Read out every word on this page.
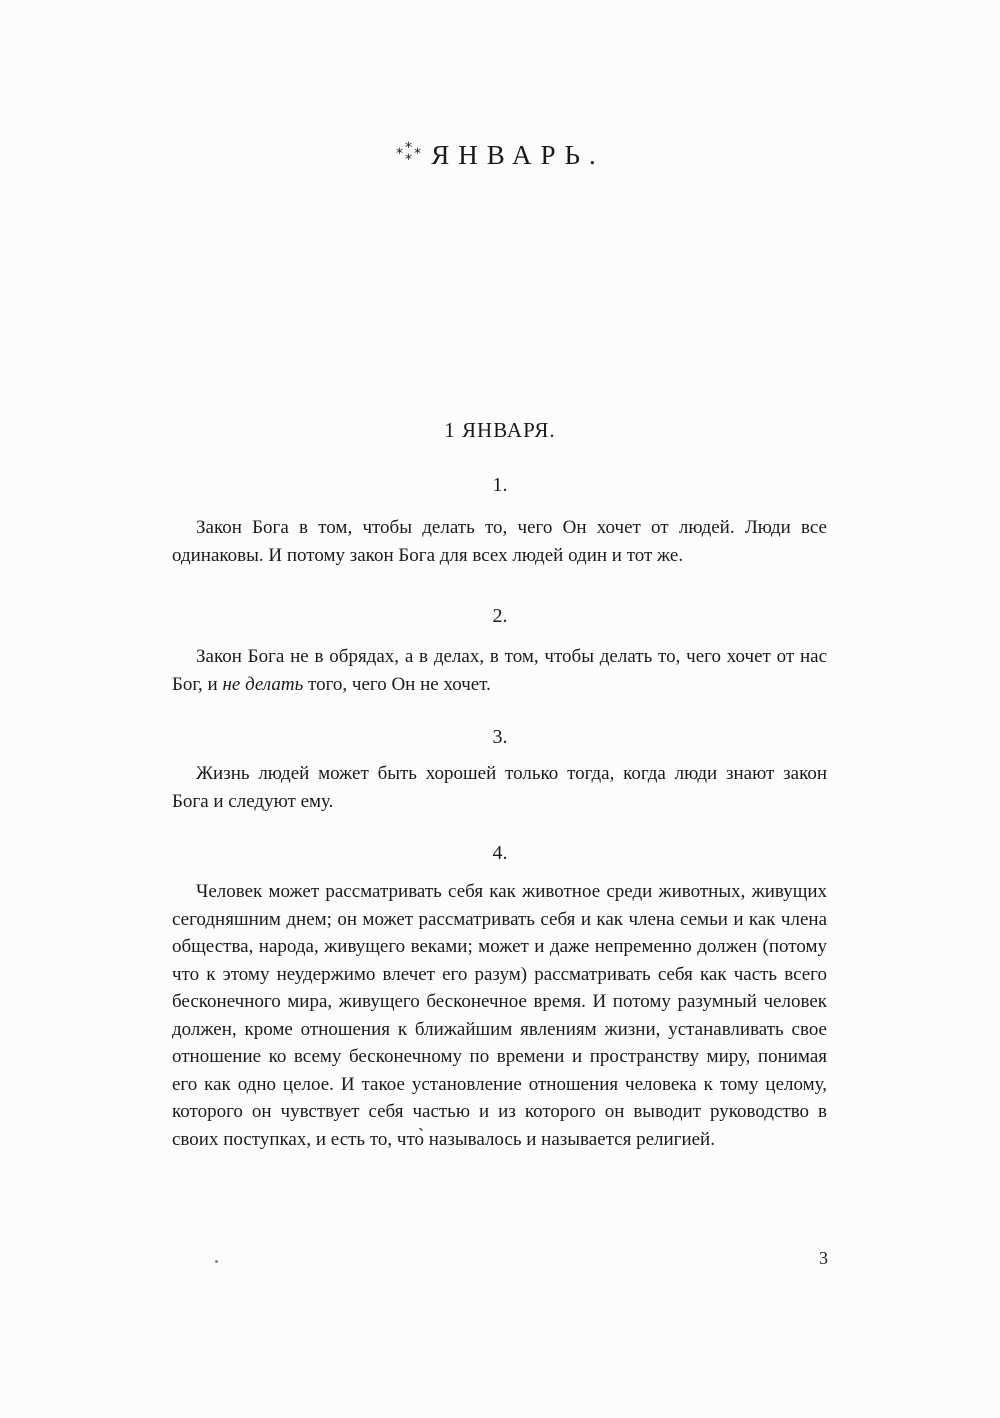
* *
* * ЯНВАРЬ.
1 ЯНВАРЯ.
1.

Закон Бога в том, чтобы делать то, чего Он хочет от людей. Люди все одинаковы. И потому закон Бога для всех людей один и тот же.

2.

Закон Бога не в обрядах, а в делах, в том, чтобы делать то, чего хочет от нас Бог, и не делать того, чего Он не хочет.

3.

Жизнь людей может быть хорошей только тогда, когда люди знают закон Бога и следуют ему.

4.

Человек может рассматривать себя как животное среди животных, живущих сегодняшним днем; он может рассматривать себя и как члена семьи и как члена общества, народа, живущего веками; может и даже непременно должен (потому что к этому неудержимо влечет его разум) рассматривать себя как часть всего бесконечного мира, живущего бесконечное время. И потому разумный человек должен, кроме отношения к ближайшим явлениям жизни, устанавливать свое отношение ко всему бесконечному по времени и пространству миру, понимая его как одно целое. И такое установление отношения человека к тому целому, которого он чувствует себя частью и из которого он выводит руководство в своих поступках, и есть то, что̀ называлось и называется религией.

3
